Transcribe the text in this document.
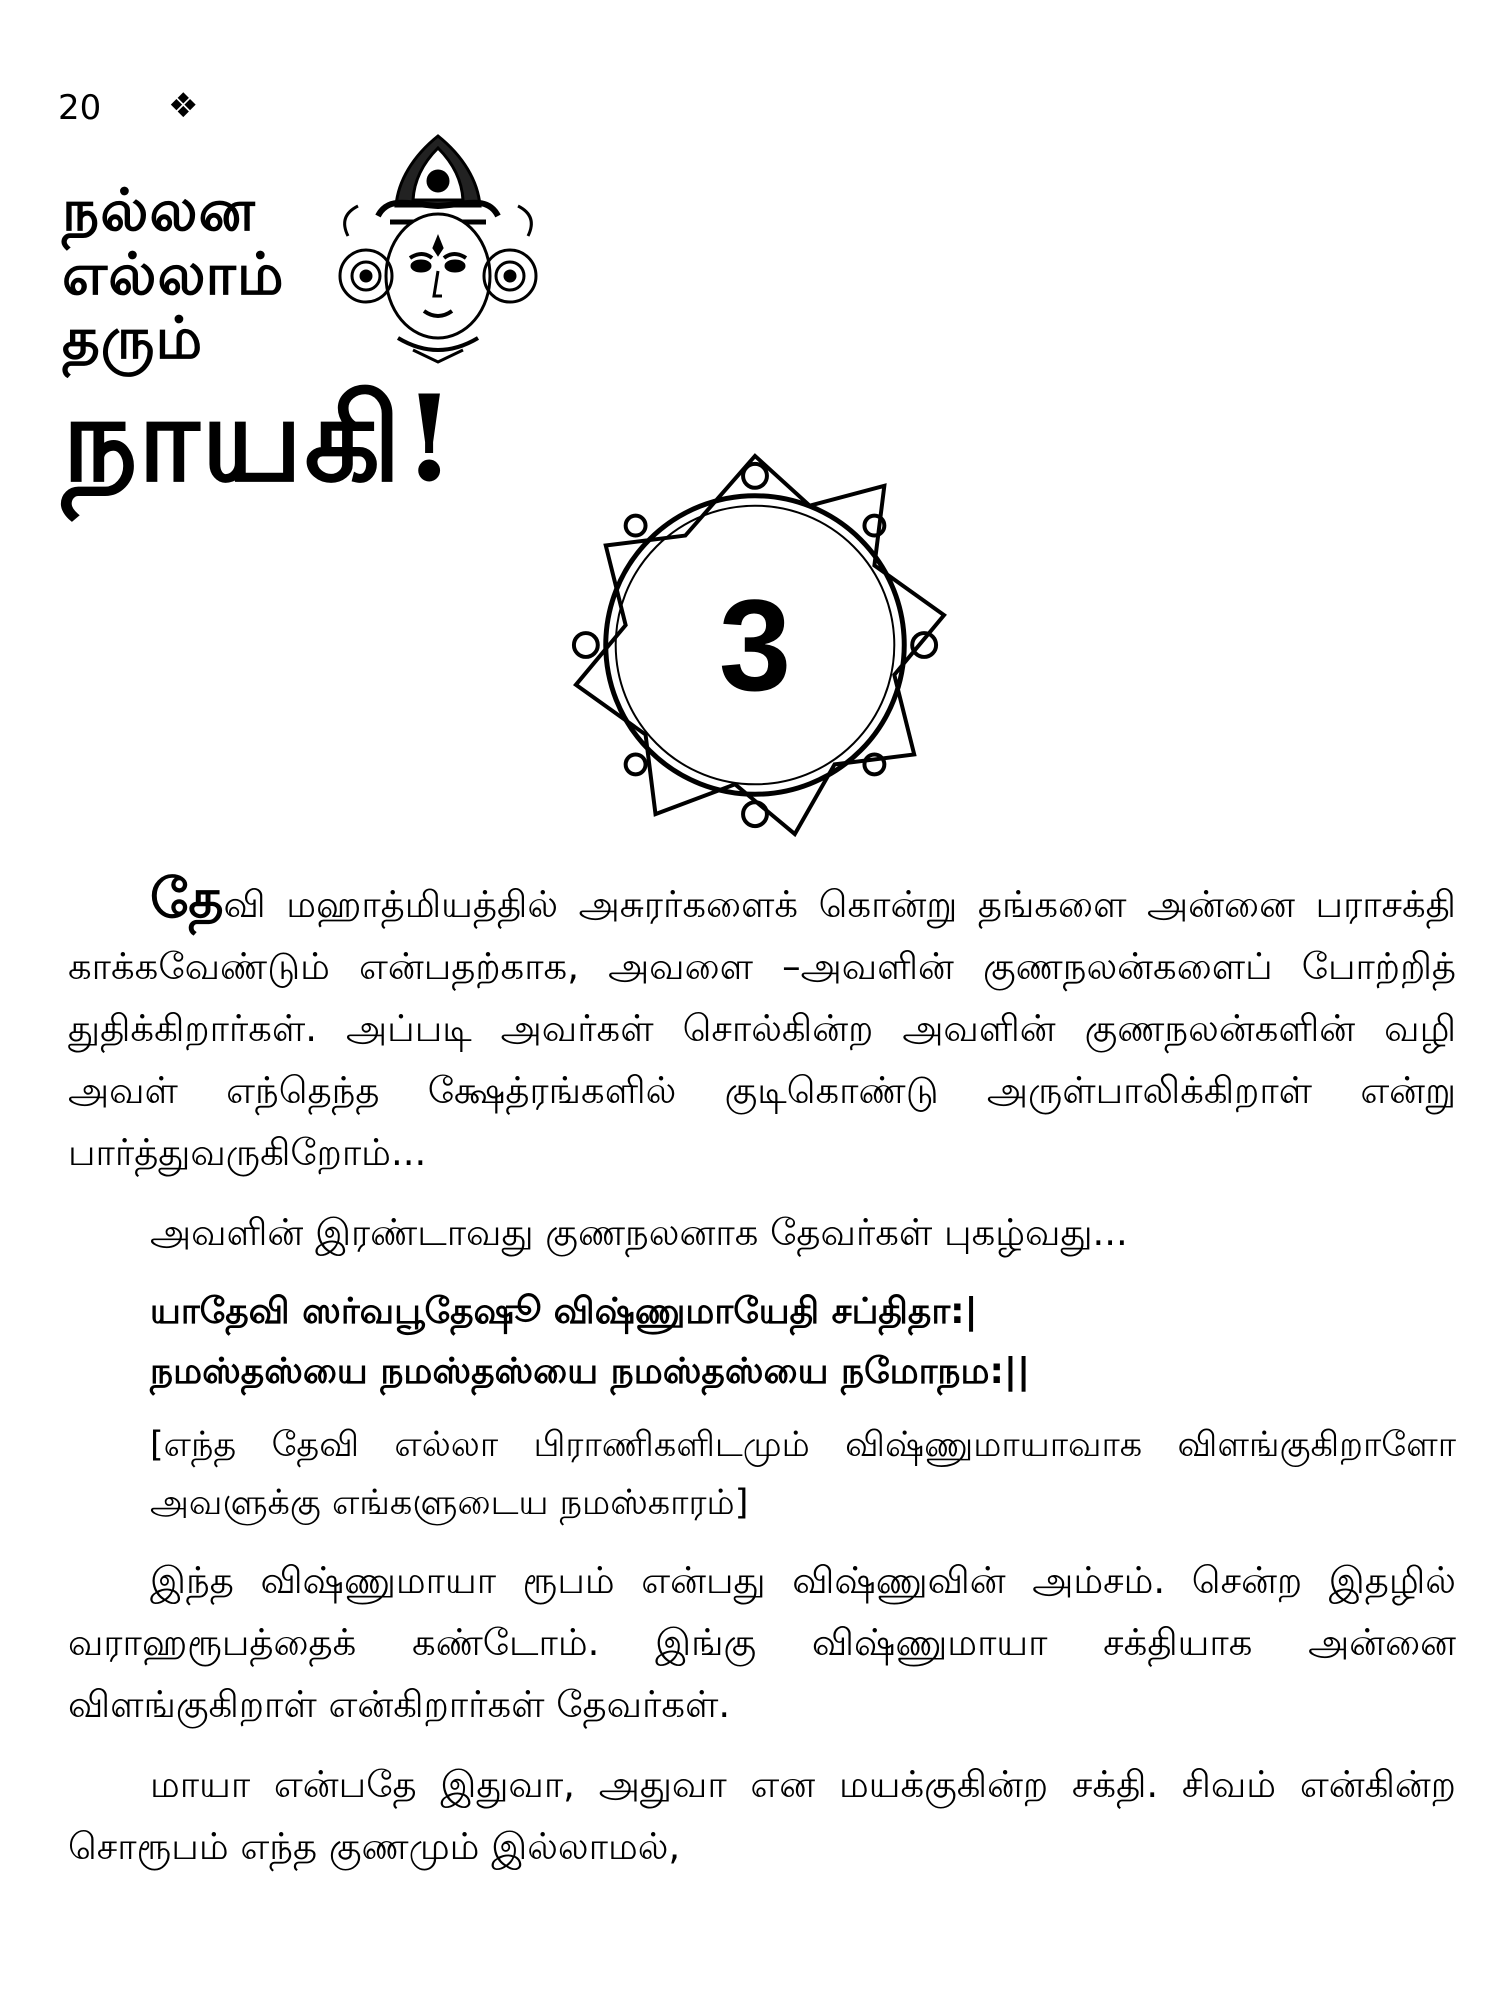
20 ❖
நல்லன
எல்லாம்
தரும்
நாயகி!
3

தேவி மஹாத்மியத்தில் அசுரர்களைக் கொன்று தங்களை அன்னை பராசக்தி காக்கவேண்டும் என்பதற்காக, அவளை –அவளின் குணநலன்களைப் போற்றித் துதிக்கிறார்கள். அப்படி அவர்கள் சொல்கின்ற அவளின் குணநலன்களின் வழி அவள் எந்தெந்த க்ஷேத்ரங்களில் குடிகொண்டு அருள்பாலிக்கிறாள் என்று பார்த்துவருகிறோம்...

அவளின் இரண்டாவது குணநலனாக தேவர்கள் புகழ்வது...

யாதேவி ஸர்வபூதேஷூ விஷ்ணுமாயேதி சப்திதா:|
நமஸ்தஸ்யை நமஸ்தஸ்யை நமஸ்தஸ்யை நமோநம:||

[எந்த தேவி எல்லா பிராணிகளிடமும் விஷ்ணுமாயாவாக விளங்குகிறாளோ அவளுக்கு எங்களுடைய நமஸ்காரம்]

இந்த விஷ்ணுமாயா ரூபம் என்பது விஷ்ணுவின் அம்சம். சென்ற இதழில் வராஹரூபத்தைக் கண்டோம். இங்கு விஷ்ணுமாயா சக்தியாக அன்னை விளங்குகிறாள் என்கிறார்கள் தேவர்கள்.

மாயா என்பதே இதுவா, அதுவா என மயக்குகின்ற சக்தி. சிவம் என்கின்ற சொரூபம் எந்த குணமும் இல்லாமல்,
